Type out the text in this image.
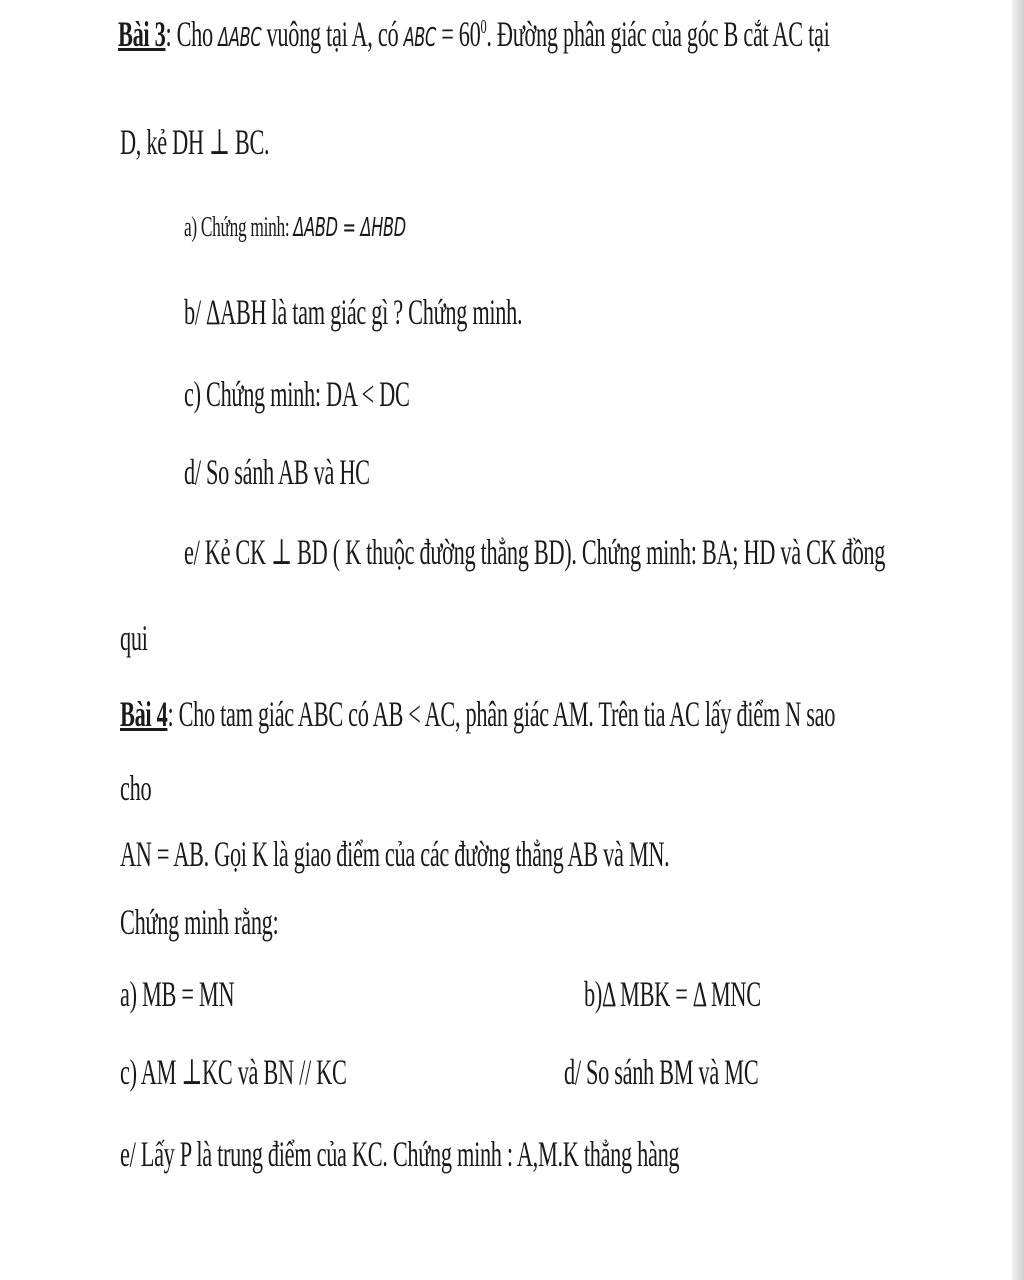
Bài 3: Cho ΔABC vuông tại A, có ABC = $60^0$. Đường phân giác của góc B cắt AC tại
D, kẻ DH ⊥ BC.
a) Chứng minh: ΔABD = ΔHBD
b/ ΔABH là tam giác gì ? Chứng minh.
c) Chứng minh: DA < DC
d/ So sánh AB và HC
e/ Kẻ CK ⊥ BD ( K thuộc đường thẳng BD). Chứng minh: BA; HD và CK đồng
qui
Bài 4: Cho tam giác ABC có AB < AC, phân giác AM. Trên tia AC lấy điểm N sao
cho
AN = AB. Gọi K là giao điểm của các đường thẳng AB và MN.
Chứng minh rằng:
a) MB = MN	b)Δ MBK = Δ MNC
c) AM ⊥KC và BN // KC	d/ So sánh BM và MC
e/ Lấy P là trung điểm của KC. Chứng minh : A,M.K thẳng hàng
